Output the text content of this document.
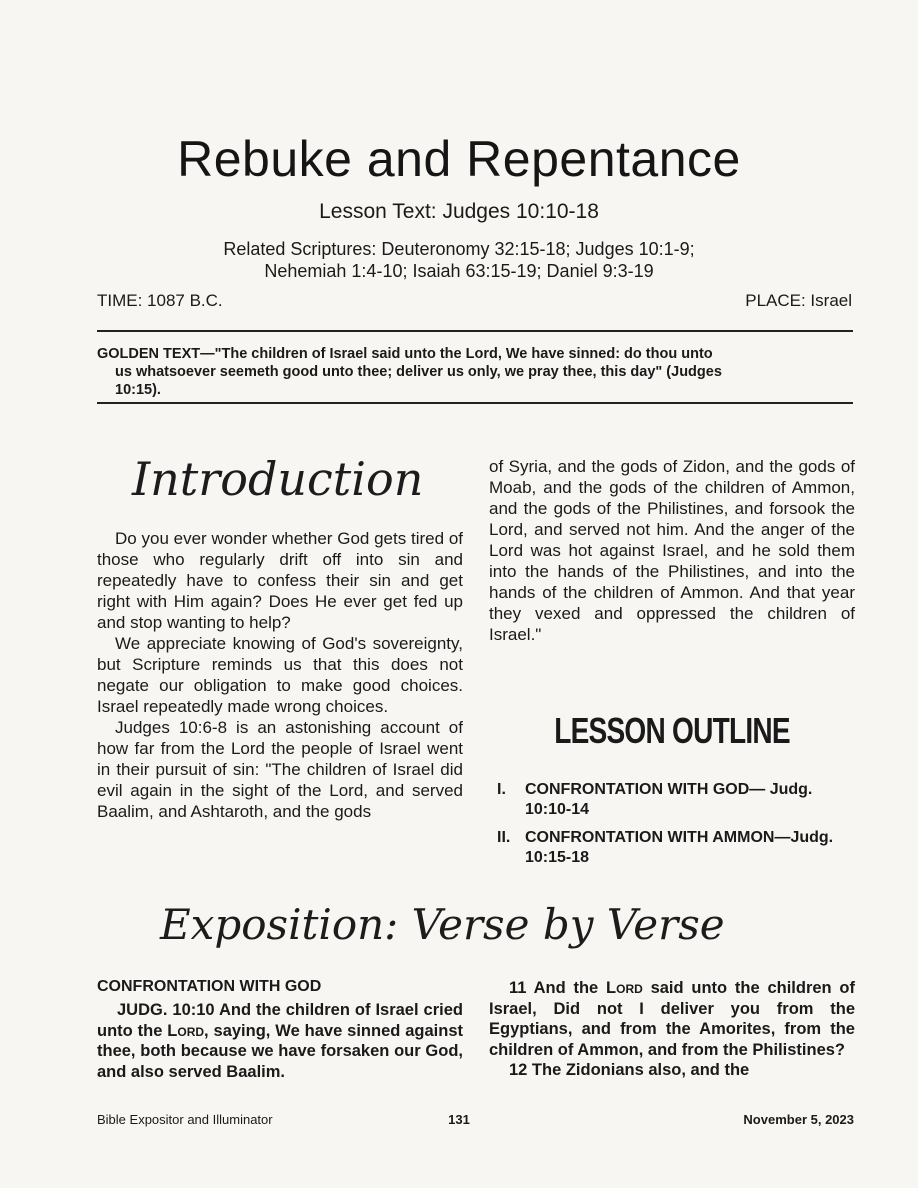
Rebuke and Repentance
Lesson Text: Judges 10:10-18
Related Scriptures: Deuteronomy 32:15-18; Judges 10:1-9;
Nehemiah 1:4-10; Isaiah 63:15-19; Daniel 9:3-19
TIME: 1087 B.C.	PLACE: Israel
GOLDEN TEXT—"The children of Israel said unto the Lord, We have sinned: do thou unto
us whatsoever seemeth good unto thee; deliver us only, we pray thee, this day" (Judges
10:15).
Introduction

Do you ever wonder whether God gets tired of those who regularly drift off into sin and repeatedly have to confess their sin and get right with Him again? Does He ever get fed up and stop wanting to help?

We appreciate knowing of God's sovereignty, but Scripture reminds us that this does not negate our obligation to make good choices. Israel repeatedly made wrong choices.

Judges 10:6-8 is an astonishing account of how far from the Lord the people of Israel went in their pursuit of sin: "The children of Israel did evil again in the sight of the Lord, and served Baalim, and Ashtaroth, and the gods

of Syria, and the gods of Zidon, and the gods of Moab, and the gods of the children of Ammon, and the gods of the Philistines, and forsook the Lord, and served not him. And the anger of the Lord was hot against Israel, and he sold them into the hands of the Philistines, and into the hands of the children of Ammon. And that year they vexed and oppressed the children of Israel."

LESSON OUTLINE
I.	CONFRONTATION WITH GOD— Judg. 10:10-14
II. CONFRONTATION WITH AMMON—Judg. 10:15-18
Exposition: Verse by Verse
CONFRONTATION WITH GOD

JUDG. 10:10 And the children of Israel cried unto the Lord, saying, We have sinned against thee, both because we have forsaken our God, and also served Baalim.

11 And the Lord said unto the children of Israel, Did not I deliver you from the Egyptians, and from the Amorites, from the children of Ammon, and from the Philistines?

12 The Zidonians also, and the

Bible Expositor and Illuminator	131	November 5, 2023
